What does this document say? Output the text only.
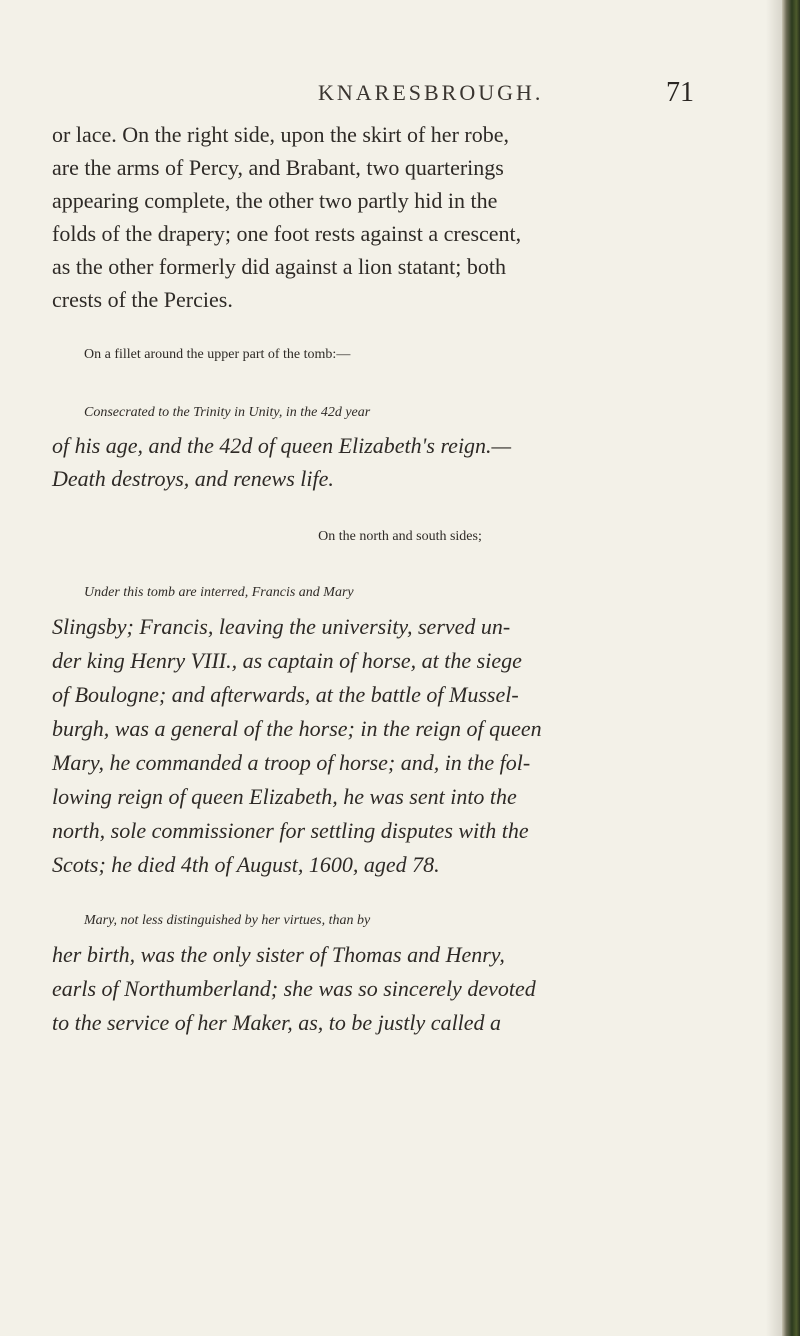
KNARESBROUGH.	71
or lace. On the right side, upon the skirt of her robe,
are the arms of Percy, and Brabant, two quarterings
appearing complete, the other two partly hid in the
folds of the drapery; one foot rests against a crescent,
as the other formerly did against a lion statant; both
crests of the Percies.
On a fillet around the upper part of the tomb:—
Consecrated to the Trinity in Unity, in the 42d year
of his age, and the 42d of queen Elizabeth's reign.—
Death destroys, and renews life.
On the north and south sides;
Under this tomb are interred, Francis and Mary
Slingsby; Francis, leaving the university, served un-
der king Henry VIII., as captain of horse, at the siege
of Boulogne; and afterwards, at the battle of Mussel-
burgh, was a general of the horse; in the reign of queen
Mary, he commanded a troop of horse; and, in the fol-
lowing reign of queen Elizabeth, he was sent into the
north, sole commissioner for settling disputes with the
Scots; he died 4th of August, 1600, aged 78.
Mary, not less distinguished by her virtues, than by
her birth, was the only sister of Thomas and Henry,
earls of Northumberland; she was so sincerely devoted
to the service of her Maker, as, to be justly called a
